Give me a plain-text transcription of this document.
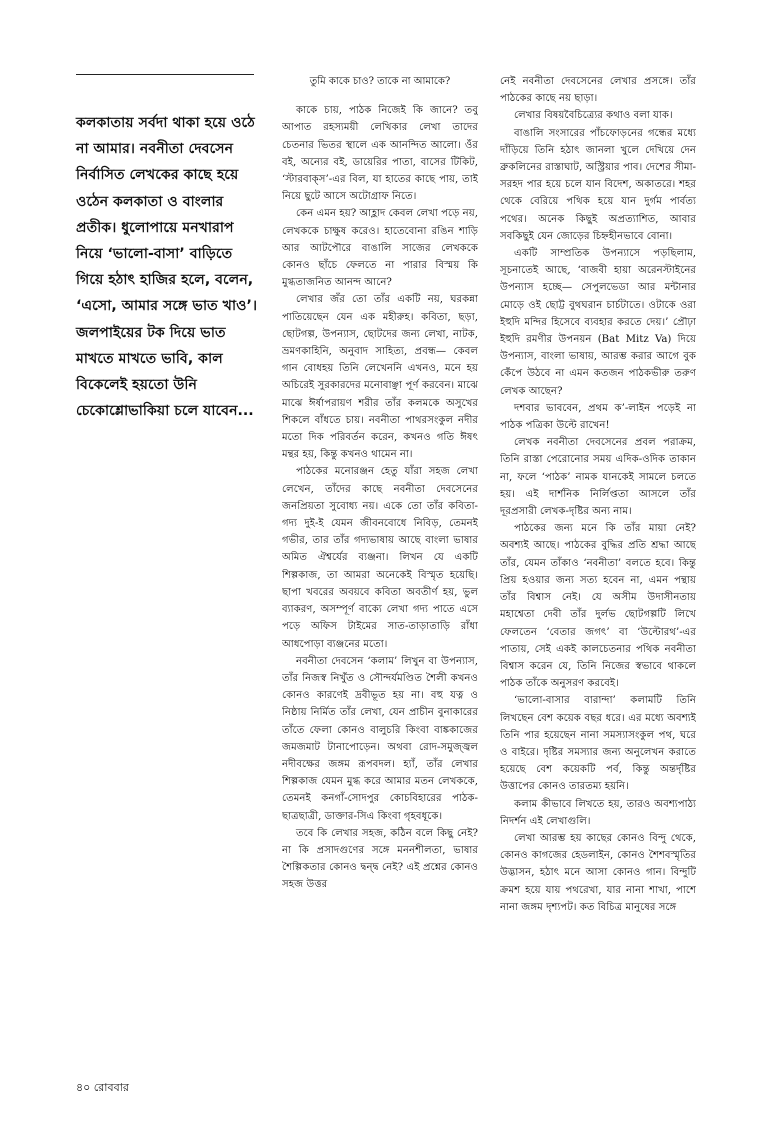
কলকাতায় সর্বদা থাকা হয়ে ওঠে না আমার। নবনীতা দেবসেন নির্বাসিত লেখকের কাছে হয়ে ওঠেন কলকাতা ও বাংলার প্রতীক। ধুলোপায়ে মনখারাপ নিয়ে ‘ভালো-বাসা’ বাড়িতে গিয়ে হঠাৎ হাজির হলে, বলেন, ‘এসো, আমার সঙ্গে ভাত খাও’। জলপাইয়ের টক দিয়ে ভাত মাখতে মাখতে ভাবি, কাল বিকেলেই হয়তো উনি চেকোশ্লোভাকিয়া চলে যাবেন...

তুমি কাকে চাও? তাকে না আমাকে?

কাকে চায়, পাঠক নিজেই কি জানে? তবু আপাত রহস্যময়ী লেখিকার লেখা তাদের চেতনার ভিতর স্থালে এক আনন্দিত আলো। ওঁর বই, অন্যের বই, ডায়েরির পাতা, বাসের টিকিট, ‘স্টারবাক্‌স’-এর বিল, যা হাতের কাছে পায়, তাই নিয়ে ছুটে আসে অটোগ্রাফ নিতে।

কেন এমন হয়? আহ্লাদ কেবল লেখা পড়ে নয়, লেখককে চাক্ষুষ করেও। হাতেবোনা রঙিন শাড়ি আর আটপৌরে বাঙালি সাজের লেখককে কোনও ছাঁচে ফেলতে না পারার বিস্ময় কি মুগ্ধতাজনিত আনন্দ আনে?

লেখার জঁর তো তাঁর একটি নয়, ঘরকন্না পাতিয়েছেন যেন এক মহীরুহ। কবিতা, ছড়া, ছোটগল্প, উপন্যাস, ছোটদের জন্য লেখা, নাটক, ভ্রমণকাহিনি, অনুবাদ সাহিত্য, প্রবন্ধ— কেবল গান বোধহয় তিনি লেখেননি এখনও, মনে হয় অচিরেই সুরকারদের মনোবাঞ্ছা পূর্ণ করবেন। মাঝে মাঝে ঈর্ষাপরায়ণ শরীর তাঁর কলমকে অসুখের শিকলে বাঁধতে চায়। নবনীতা পাথরসংকুল নদীর মতো দিক পরিবর্তন করেন, কখনও গতি ঈষৎ মন্থর হয়, কিন্তু কখনও থামেন না।

পাঠকের মনোরঞ্জন হেতু যাঁরা সহজ লেখা লেখেন, তাঁদের কাছে নবনীতা দেবসেনের জনপ্রিয়তা সুবোধ্য নয়। একে তো তাঁর কবিতা-গদ্য দুই-ই যেমন জীবনবোধে নিবিড়, তেমনই গভীর, তার তাঁর গদ্যভাষায় আছে বাংলা ভাষার অমিত ঐশ্বর্যের ব্যঞ্জনা। লিখন যে একটি শিল্পকাজ, তা আমরা অনেকেই বিস্মৃত হয়েছি। ছাপা খবরের অবয়বে কবিতা অবতীর্ণ হয়, ভুল ব্যাকরণ, অসম্পূর্ণ বাক্যে লেখা গদ্য পাতে এসে পড়ে অফিস টাইমের সাত-তাড়াতাড়ি রাঁধা আধপোড়া ব্যঞ্জনের মতো।

নবনীতা দেবসেন ‘কলাম’ লিখুন বা উপন্যাস, তাঁর নিজস্ব নিখুঁত ও সৌন্দর্যমণ্ডিত শৈলী কখনও কোনও কারণেই দ্রবীভূত হয় না। বহু যত্ন ও নিষ্ঠায় নির্মিত তাঁর লেখা, যেন প্রাচীন বুনাকারের তাঁতে ফেলা কোনও বালুচরি কিংবা বাঙ্ককাজের জমজমাট টানাপোড়েন। অথবা রোদ-সমুজ্জ্বল নদীবক্ষের জঙ্গম রূপবদল। হ্যাঁ, তাঁর লেখার শিল্পকাজ যেমন মুগ্ধ করে আমার মতন লেখককে, তেমনই কনগাঁ-সোদপুর কোচবিহারের পাঠক-ছাত্রছাত্রী, ডাক্তার-সিএ কিংবা গৃহবধূকে।

তবে কি লেখার সহজ, কঠিন বলে কিছু নেই? না কি প্রসাদগুণের সঙ্গে মননশীলতা, ভাষার শৈল্পিকতার কোনও দ্বন্দ্ব নেই? এই প্রশ্নের কোনও সহজ উত্তর

নেই নবনীতা দেবসেনের লেখার প্রসঙ্গে। তাঁর পাঠকের কাছে নয় ছাড়া।

লেখার বিষয়বৈচিত্র্যের কথাও বলা যাক।

বাঙালি সংসারের পাঁচফোড়নের গন্ধের মধ্যে দাঁড়িয়ে তিনি হঠাৎ জানলা খুলে দেখিয়ে দেন ব্রুকলিনের রাস্তাঘাট, অস্ট্রিয়ার পাব। দেশের সীমা-সরহদ পার হয়ে চলে যান বিদেশ, অকাতরে। শহর থেকে বেরিয়ে পথিক হয়ে যান দুর্গম পার্বত্য পথের। অনেক কিছুই অপ্রত্যাশিত, আবার সবকিছুই যেন জোড়ের চিহ্নহীনভাবে বোনা।

একটি সাম্প্রতিক উপন্যাসে পড়ছিলাম, সূচনাতেই আছে, ‘বাজবী হায়া অরেনস্টাইনের উপন্যাস হচ্ছে— সেপুলভেডা আর মন্টানার মোড়ে ওই ছোট্ট বুথঘরান চার্চটাতে। ওটাকে ওরা ইহুদি মন্দির হিসেবে ব্যবহার করতে দেয়।’ প্রৌঢ়া ইহুদি রমণীর উপনয়ন (Bat Mitz Va) দিয়ে উপন্যাস, বাংলা ভাষায়, আরম্ভ করার আগে বুক কেঁপে উঠবে না এমন কতজন পাঠকভীরু তরুণ লেখক আছেন?

দশবার ভাববেন, প্রথম ক’-লাইন পড়েই না পাঠক পত্রিকা উল্টে রাখেন!

লেখক নবনীতা দেবসেনের প্রবল পরাক্রম, তিনি রাস্তা পেরোনোর সময় এদিক-ওদিক তাকান না, ফলে ‘পাঠক’ নামক যানকেই সামলে চলতে হয়। এই দার্শনিক নির্লিপ্ততা আসলে তাঁর দূরপ্রসারী লেখক-দৃষ্টির অন্য নাম।

পাঠকের জন্য মনে কি তাঁর মায়া নেই? অবশ্যই আছে। পাঠকের বুদ্ধির প্রতি শ্রদ্ধা আছে তাঁর, যেমন তাঁকাও ‘নবনীতা’ বলতে হবে। কিন্তু প্রিয় হওয়ার জন্য সত্য হবেন না, এমন পন্থায় তাঁর বিশ্বাস নেই। যে অসীম উদাসীনতায় মহাশ্বেতা দেবী তাঁর দুর্লভ ছোটগল্পটি লিখে ফেলতেন ‘বেতার জগৎ’ বা ‘উল্টোরথ’-এর পাতায়, সেই একই কালচেতনার পথিক নবনীতা বিশ্বাস করেন যে, তিনি নিজের স্বভাবে থাকলে পাঠক তাঁকে অনুসরণ করবেই।

‘ভালো-বাসার বারান্দা’ কলামটি তিনি লিখছেন বেশ কয়েক বছর ধরে। এর মধ্যে অবশ্যই তিনি পার হয়েছেন নানা সমস্যাসংকুল পথ, ঘরে ও বাইরে। দৃষ্টির সমস্যার জন্য অনুলেখন করাতে হয়েছে বেশ কয়েকটি পর্ব, কিন্তু অন্তর্দৃষ্টির উত্তাপের কোনও তারতম্য হয়নি।

কলাম কীভাবে লিখতে হয়, তারও অবশ্যপাঠ্য নিদর্শন এই লেখাগুলি।

লেখা আরম্ভ হয় কাছের কোনও বিন্দু থেকে, কোনও কাগজের হেডলাইন, কোনও শৈশবস্মৃতির উদ্ভাসন, হঠাৎ মনে আসা কোনও গান। বিন্দুটি ক্রমশ হয়ে যায় পথরেখা, যার নানা শাখা, পাশে নানা জঙ্গম দৃশ্যপট। কত বিচিত্র মানুষের সঙ্গে

৪০ রোববার
